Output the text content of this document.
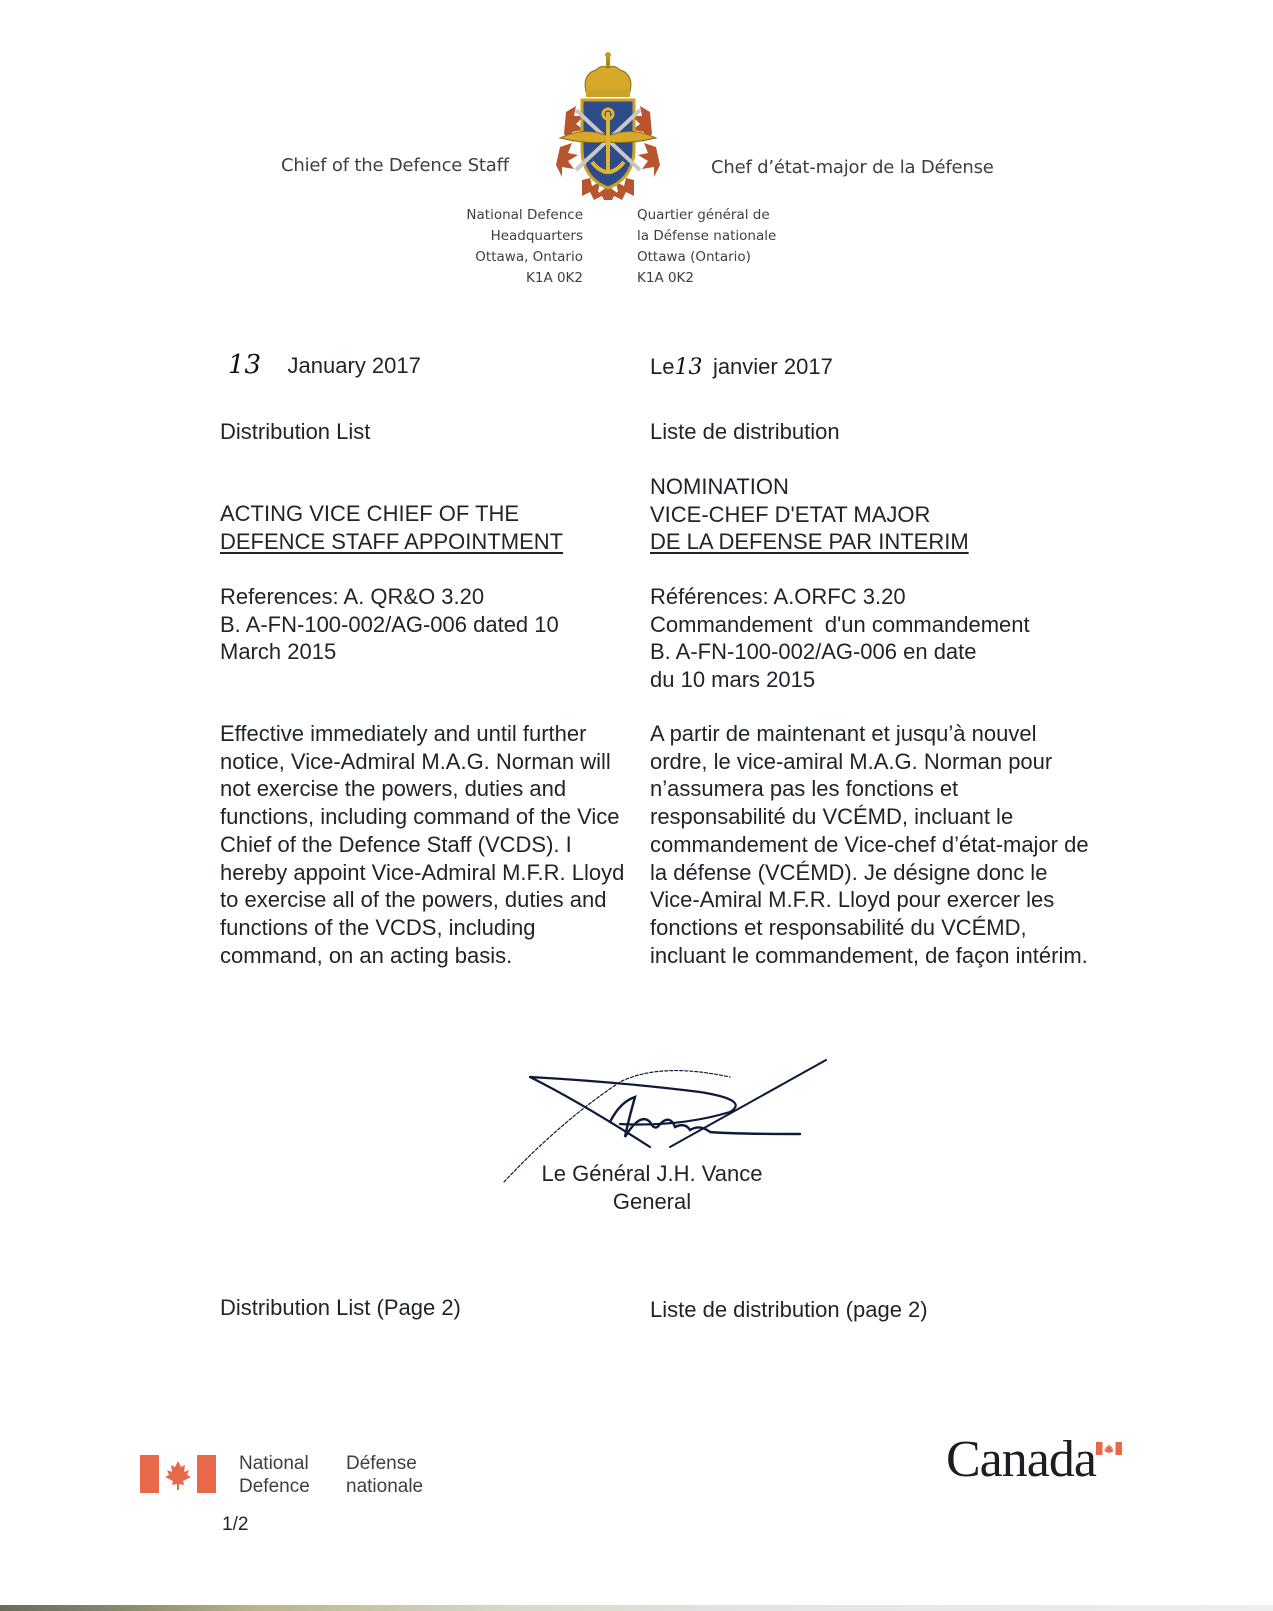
Chief of the Defence Staff	Chef d’état-major de la Défense
National Defence
Headquarters
Ottawa, Ontario
K1A 0K2
Quartier général de
la Défense nationale
Ottawa (Ontario)
K1A 0K2
13 January 2017	Le13 janvier 2017
Distribution List	Liste de distribution
ACTING VICE CHIEF OF THE
DEFENCE STAFF APPOINTMENT
NOMINATION
VICE-CHEF D'ETAT MAJOR
DE LA DEFENSE PAR INTERIM
References: A. QR&O 3.20
B. A-FN-100-002/AG-006 dated 10
March 2015
Références: A.ORFC 3.20
Commandement  d'un commandement
B. A-FN-100-002/AG-006 en date
du 10 mars 2015
Effective immediately and until further notice, Vice-Admiral M.A.G. Norman will not exercise the powers, duties and functions, including command of the Vice Chief of the Defence Staff (VCDS). I hereby appoint Vice-Admiral M.F.R. Lloyd to exercise all of the powers, duties and functions of the VCDS, including command, on an acting basis.
A partir de maintenant et jusqu’à nouvel ordre, le vice-amiral M.A.G. Norman pour n’assumera pas les fonctions et responsabilité du VCÉMD, incluant le commandement de Vice-chef d’état-major de la défense (VCÉMD). Je désigne donc le Vice-Amiral M.F.R. Lloyd pour exercer les fonctions et responsabilité du VCÉMD, incluant le commandement, de façon intérim.
Le Général J.H. Vance
General
Distribution List (Page 2)	Liste de distribution (page 2)
National
Defence
Défense
nationale	Canada
1/2
